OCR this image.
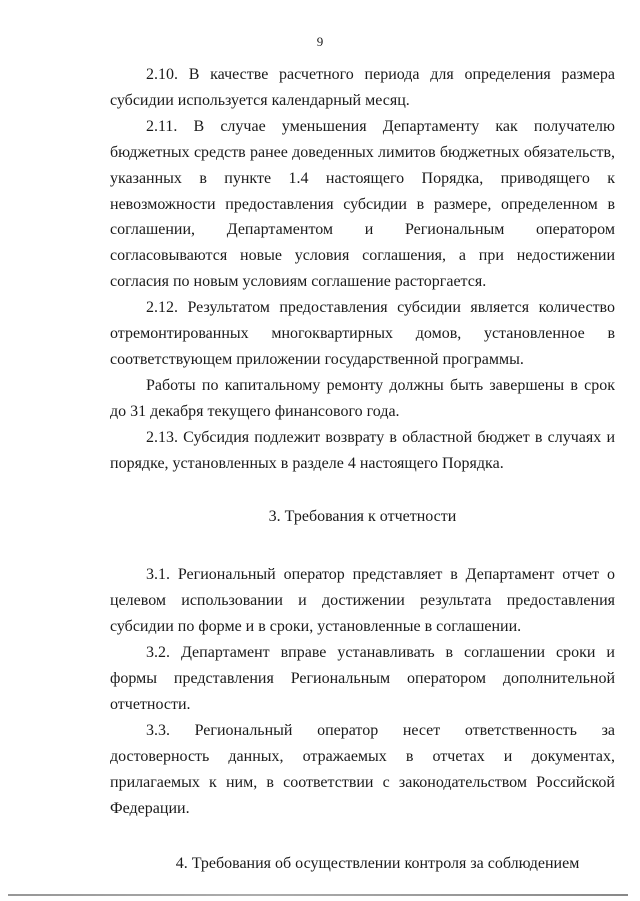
9

2.10. В качестве расчетного периода для определения размера субсидии используется календарный месяц.

2.11. В случае уменьшения Департаменту как получателю бюджетных средств ранее доведенных лимитов бюджетных обязательств, указанных в пункте 1.4 настоящего Порядка, приводящего к невозможности предоставления субсидии в размере, определенном в соглашении, Департаментом и Региональным оператором согласовываются новые условия соглашения, а при недостижении согласия по новым условиям соглашение расторгается.

2.12. Результатом предоставления субсидии является количество отремонтированных многоквартирных домов, установленное в соответствующем приложении государственной программы.

Работы по капитальному ремонту должны быть завершены в срок до 31 декабря текущего финансового года.

2.13. Субсидия подлежит возврату в областной бюджет в случаях и порядке, установленных в разделе 4 настоящего Порядка.

3. Требования к отчетности

3.1. Региональный оператор представляет в Департамент отчет о целевом использовании и достижении результата предоставления субсидии по форме и в сроки, установленные в соглашении.

3.2. Департамент вправе устанавливать в соглашении сроки и формы представления Региональным оператором дополнительной отчетности.

3.3. Региональный оператор несет ответственность за достоверность данных, отражаемых в отчетах и документах, прилагаемых к ним, в соответствии с законодательством Российской Федерации.

4. Требования об осуществлении контроля за соблюдением
